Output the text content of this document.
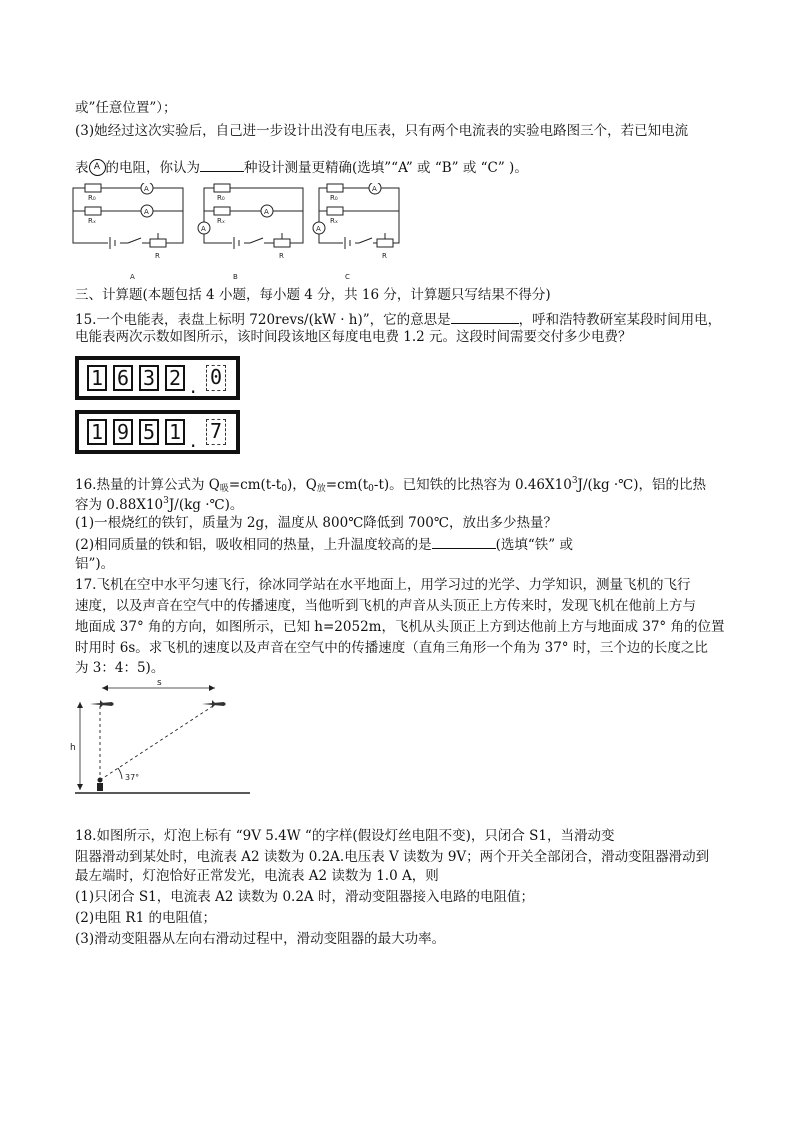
或”任意位置”）；
(3)她经过这次实验后，自己进一步设计出没有电压表，只有两个电流表的实验电路图三个，若已知电流
表 A 的电阻，你认为	种设计测量更精确(选填”“A” 或 “B” 或 “C” )。
R₀
Rₓ
A
A
R
R₀
Rₓ
A
A
R
R₀
Rₓ
A
A
R
A	B	C
三、计算题(本题包括 4 小题，每小题 4 分，共 16 分，计算题只写结果不得分)
15.一个电能表，表盘上标明 720revs/(kW · h)”，它的意思是	，呼和浩特教研室某段时间用电，
电能表两次示数如图所示，该时间段该地区每度电电费 1.2 元。这段时间需要交付多少电费？
1 6 3 2 . 0
1 9 5 1 . 7
16.热量的计算公式为 $Q_吸=cm(t-t_0)$，$Q_放=cm(t_0-t)$。已知铁的比热容为 $0.46X10^3J/(kg$ ·℃)，铝的比热
容为 $0.88X10^3J/(kg$ ·℃)。
(1)一根烧红的铁钉，质量为 2g，温度从 800℃降低到 700℃，放出多少热量？
(2)相同质量的铁和铝，吸收相同的热量，上升温度较高的是	(选填“铁” 或
铝”)。
17.飞机在空中水平匀速飞行，徐冰同学站在水平地面上，用学习过的光学、力学知识，测量飞机的飞行
速度，以及声音在空气中的传播速度，当他听到飞机的声音从头顶正上方传来时，发现飞机在他前上方与
地面成 37° 角的方向，如图所示，已知 h=2052m，飞机从头顶正上方到达他前上方与地面成 37° 角的位置
时用时 6s。求飞机的速度以及声音在空气中的传播速度（直角三角形一个角为 37° 时，三个边的长度之比
为 3：4：5)。
s
h
37°
18.如图所示，灯泡上标有 “9V 5.4W “的字样(假设灯丝电阻不变)，只闭合 S1，当滑动变
阻器滑动到某处时，电流表 A2 读数为 0.2A.电压表 V 读数为 9V；两个开关全部闭合，滑动变阻器滑动到
最左端时，灯泡恰好正常发光，电流表 A2 读数为 1.0 A，则
(1)只闭合 S1，电流表 A2 读数为 0.2A 时，滑动变阻器接入电路的电阻值；
(2)电阻 R1 的电阻值；
(3)滑动变阻器从左向右滑动过程中，滑动变阻器的最大功率。
